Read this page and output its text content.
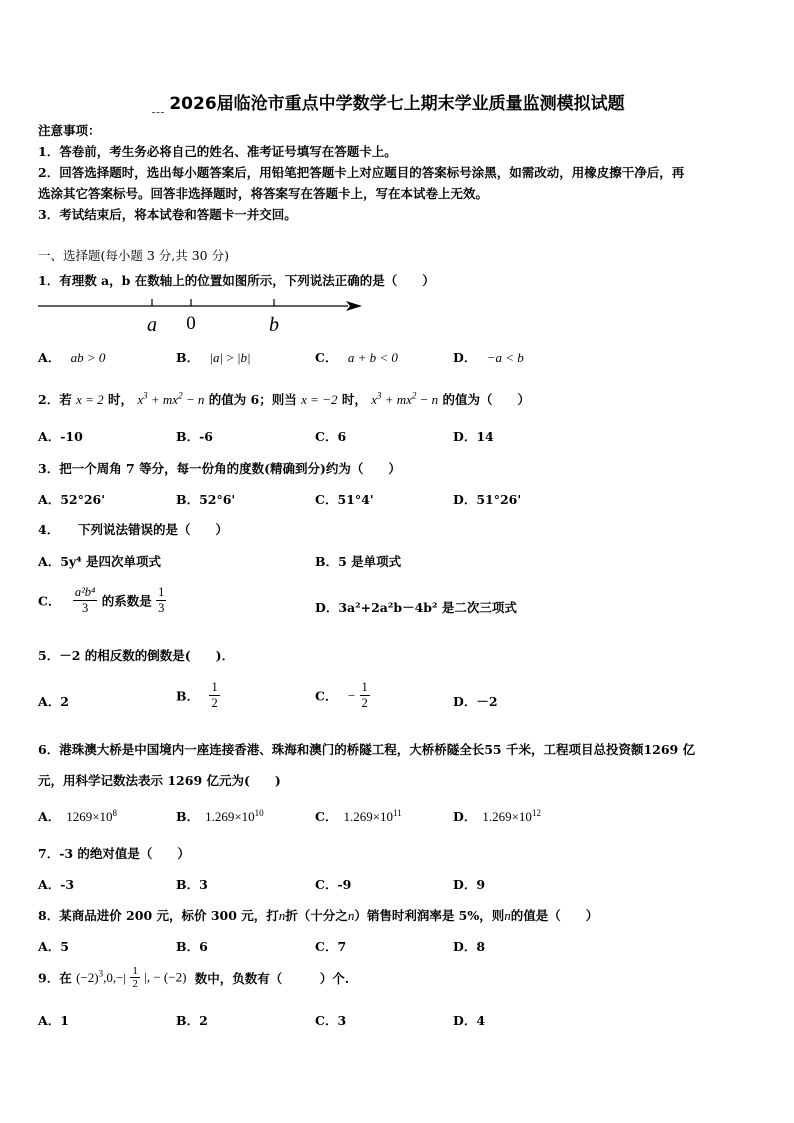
2026届临沧市重点中学数学七上期末学业质量监测模拟试题
注意事项：
1．答卷前，考生务必将自己的姓名、准考证号填写在答题卡上。
2．回答选择题时，选出每小题答案后，用铅笔把答题卡上对应题目的答案标号涂黑，如需改动，用橡皮擦干净后，再
选涂其它答案标号。回答非选择题时，将答案写在答题卡上，写在本试卷上无效。
3．考试结束后，将本试卷和答题卡一并交回。
一、选择题(每小题 3 分,共 30 分)
1．有理数 a，b 在数轴上的位置如图所示，下列说法正确的是（　　）
a 0	b
A． ab > 0	B． |a| > |b|	C． a + b < 0	D． −a < b
2．若 x = 2 时， $x^3 + mx^2 - n$ 的值为 6；则当 x = −2 时， $x^3 + mx^2 - n$ 的值为（　　）
A．-10	B．-6	C．6	D．14
3．把一个周角 7 等分，每一份角的度数(精确到分)约为（　　）
A．52°26'	B．52°6'	C．51°4'	D．51°26'
4．　　下列说法错误的是（　　）
A．5y⁴ 是四次单项式	B．5 是单项式
C． $\frac{\text{a²b⁴}}{3}$ 的系数是 $\frac{1}{3}$	D．3a²+2a²b－4b² 是二次三项式
5．－2 的相反数的倒数是(　　)．
A．2	B． $\frac{1}{2}$	C． − $\frac{1}{2}$	D．－2
6．港珠澳大桥是中国境内一座连接香港、珠海和澳门的桥隧工程，大桥桥隧全长55 千米，工程项目总投资额1269 亿
元，用科学记数法表示 1269 亿元为(　　)
A． $1269\times 10^8$	B． $1.269\times 10^{10}$	C． $1.269\times 10^{11}$	D． $1.269\times 10^{12}$
7．-3 的绝对值是（　　）
A．-3	B．3	C．-9	D．9
8．某商品进价 200 元，标价 300 元，打n折（十分之n）销售时利润率是 5%，则n的值是（　　）
A．5	B．6	C．7	D．8
9．在 $(-2)^3,0,-| \frac{1}{2}$ |, − (−2) 数中，负数有（　　　）个.
A．1	B．2	C．3	D．4
